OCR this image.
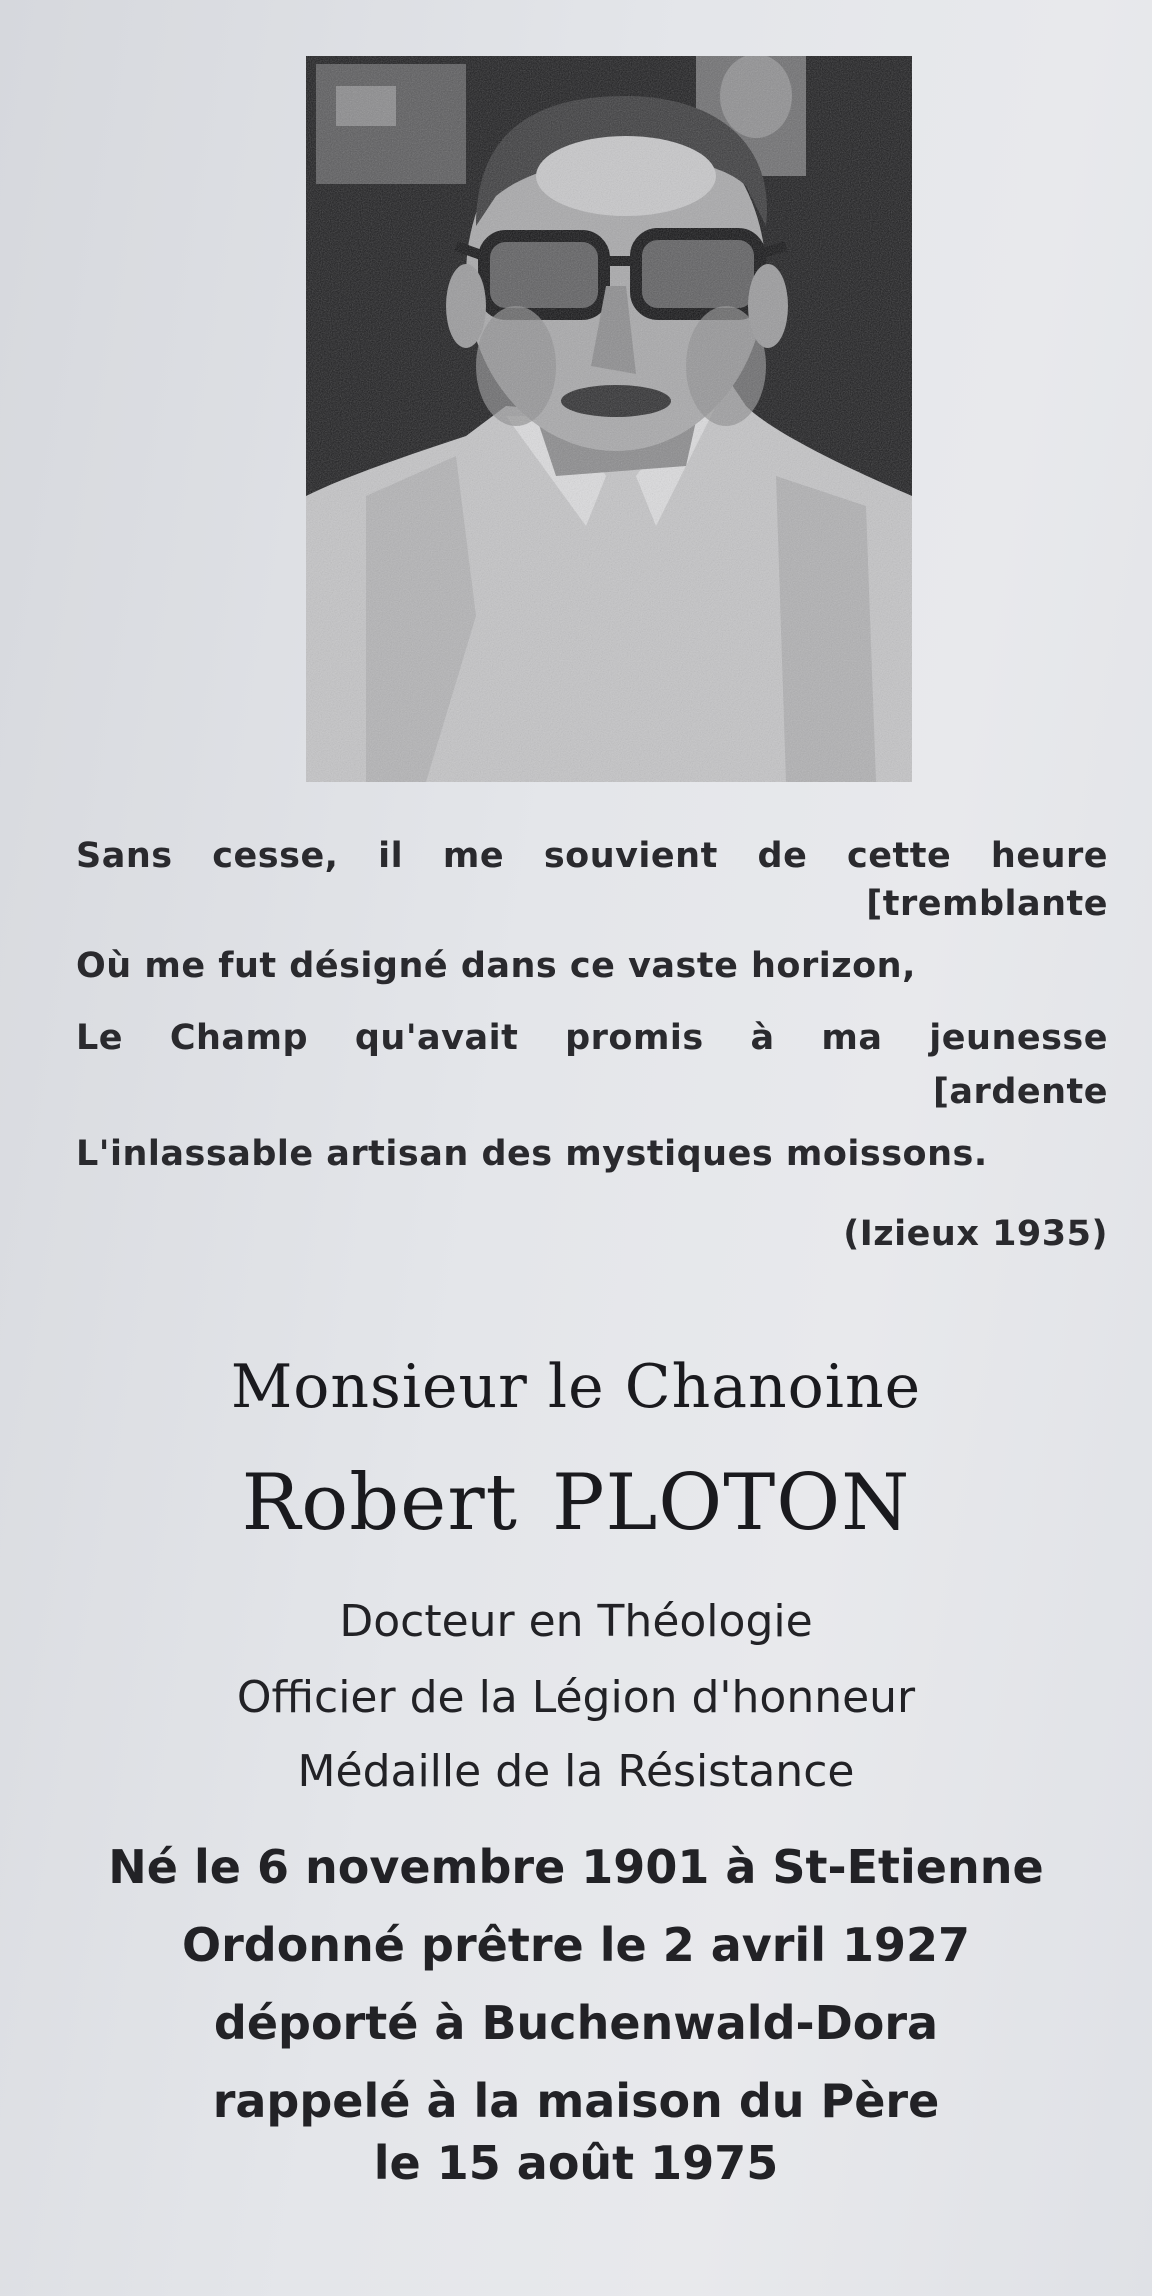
Sans cesse, il me souvient de cette heure
[tremblante
Où me fut désigné dans ce vaste horizon,
Le Champ qu'avait promis à ma jeunesse
[ardente
L'inlassable artisan des mystiques moissons.
(Izieux 1935)
Monsieur le Chanoine
Robert PLOTON
Docteur en Théologie
Officier de la Légion d'honneur
Médaille de la Résistance
Né le 6 novembre 1901 à St-Etienne
Ordonné prêtre le 2 avril 1927
déporté à Buchenwald-Dora
rappelé à la maison du Père
le 15 août 1975
